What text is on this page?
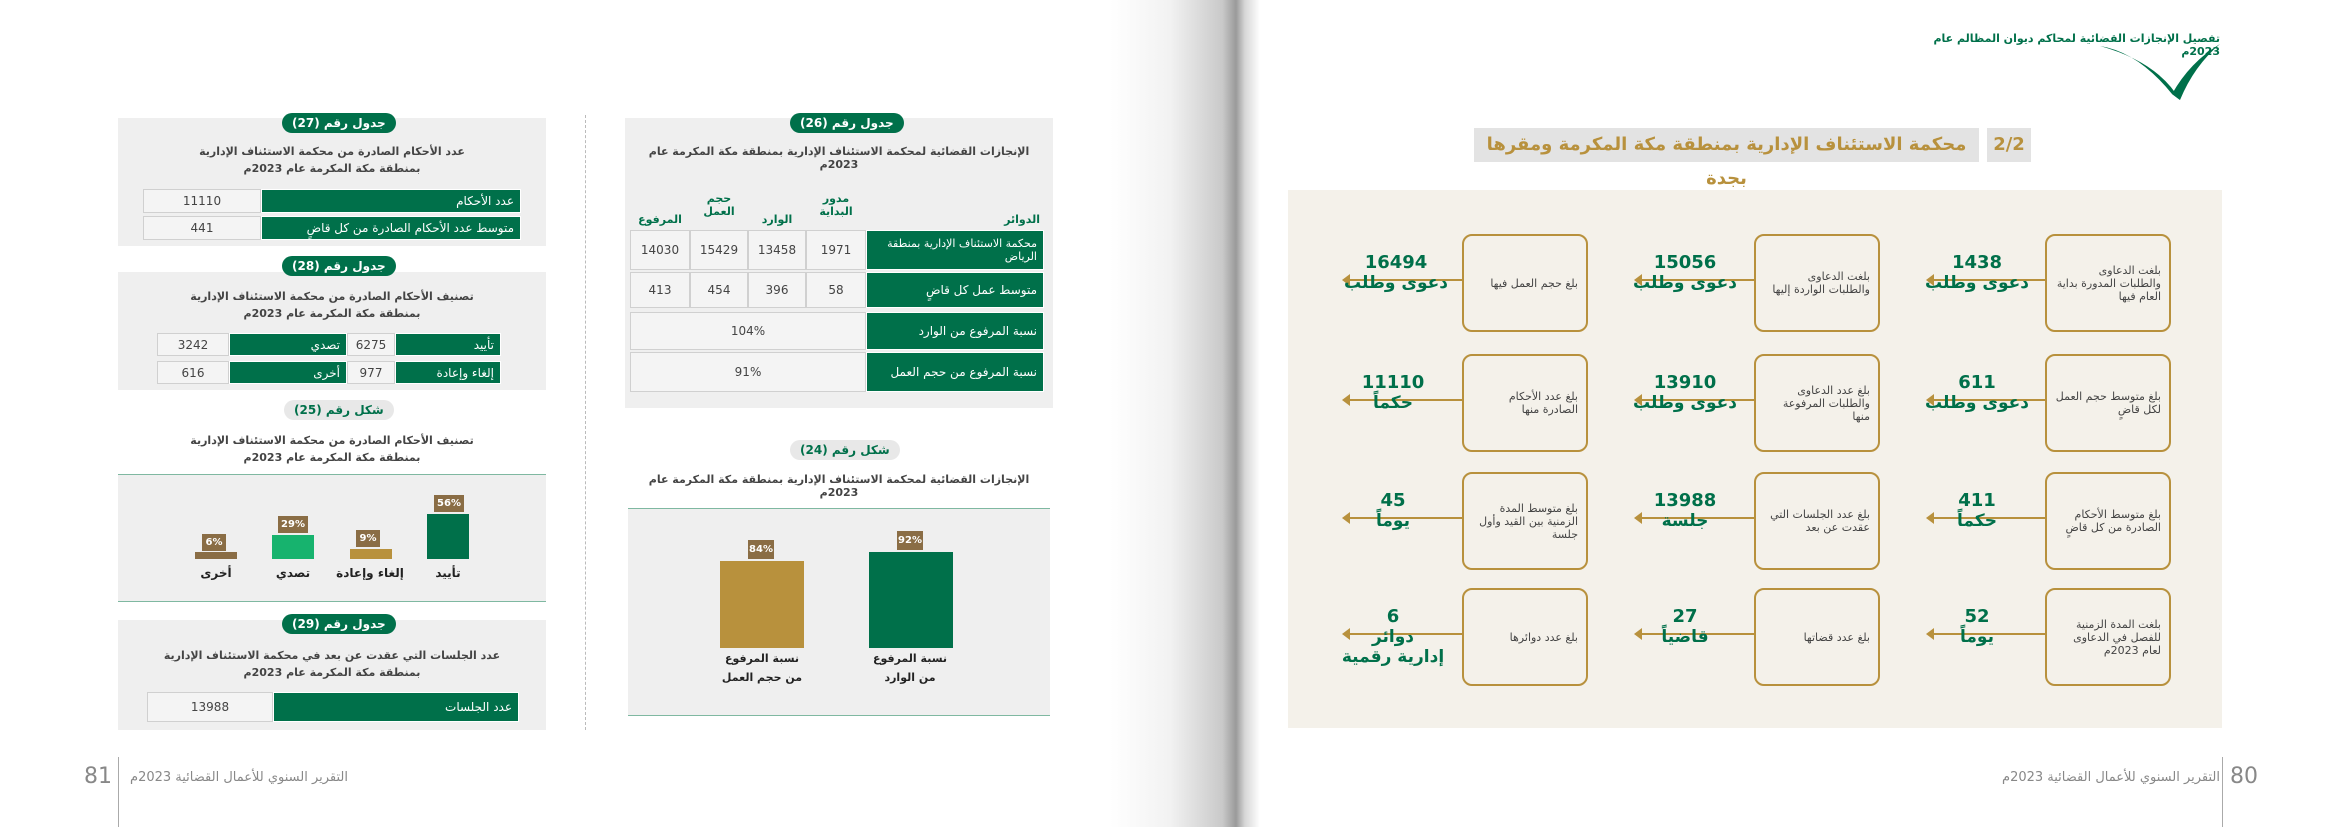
جدول رقم (26)
الإنجازات القضائية لمحكمة الاستئناف الإدارية بمنطقة مكة المكرمة عام 2023م
الدوائر
مدور البداية
الوارد
حجم العمل
المرفوع
محكمة الاستئناف الإدارية بمنطقة الرياض
1971
13458
15429
14030
متوسط عمل كل قاضٍ
58
396
454
413
نسبة المرفوع من الوارد
104%
نسبة المرفوع من حجم العمل
91%
شكل رقم (24)
الإنجازات القضائية لمحكمة الاستئناف الإدارية بمنطقة مكة المكرمة عام 2023م
92%
نسبة المرفوع
من الوارد
84%
نسبة المرفوع
من حجم العمل
جدول رقم (27)
عدد الأحكام الصادرة من محكمة الاستئناف الإدارية
بمنطقة مكة المكرمة عام 2023م
عدد الأحكام
11110
متوسط عدد الأحكام الصادرة من كل قاضٍ
441
جدول رقم (28)
تصنيف الأحكام الصادرة من محكمة الاستئناف الإدارية
بمنطقة مكة المكرمة عام 2023م
تأييد
6275
تصدي
3242
إلغاء وإعادة
977
أخرى
616
شكل رقم (25)
تصنيف الأحكام الصادرة من محكمة الاستئناف الإدارية
بمنطقة مكة المكرمة عام 2023م
56%
تأييد
9%
إلغاء وإعادة
29%
تصدي
6%
أخرى
جدول رقم (29)
عدد الجلسات التي عقدت عن بعد في محكمة الاستئناف الإدارية
بمنطقة مكة المكرمة عام 2023م
عدد الجلسات
13988
81 التقرير السنوي للأعمال القضائية 2023م
تفصيل الإنجازات القضائية لمحاكم ديوان المظالم عام 2023م
2/2
محكمة الاستئناف الإدارية بمنطقة مكة المكرمة ومقرها بجدة
بلغت الدعاوى والطلبات المدورة بداية العام فيها
1438
دعوى وطلب
بلغ متوسط حجم العمل لكل قاضٍ
611
دعوى وطلب
بلغ متوسط الأحكام الصادرة من كل قاضٍ
411
حكماً
بلغت المدة الزمنية للفصل في الدعاوى لعام 2023م
52
يوماً
بلغت الدعاوى والطلبات الواردة إليها
15056
دعوى وطلب
بلغ عدد الدعاوى والطلبات المرفوعة منها
13910
دعوى وطلب
بلغ عدد الجلسات التي عقدت عن بعد
13988
جلسة
بلغ عدد قضاتها
27
قاضياً
بلغ حجم العمل فيها
16494
دعوى وطلب
بلغ عدد الأحكام الصادرة منها
11110
حكماً
بلغ متوسط المدة الزمنية بين القيد وأول جلسة
45
يوماً
بلغ عدد دوائرها
6
دوائر
إدارية رقمية
التقرير السنوي للأعمال القضائية 2023م 80
